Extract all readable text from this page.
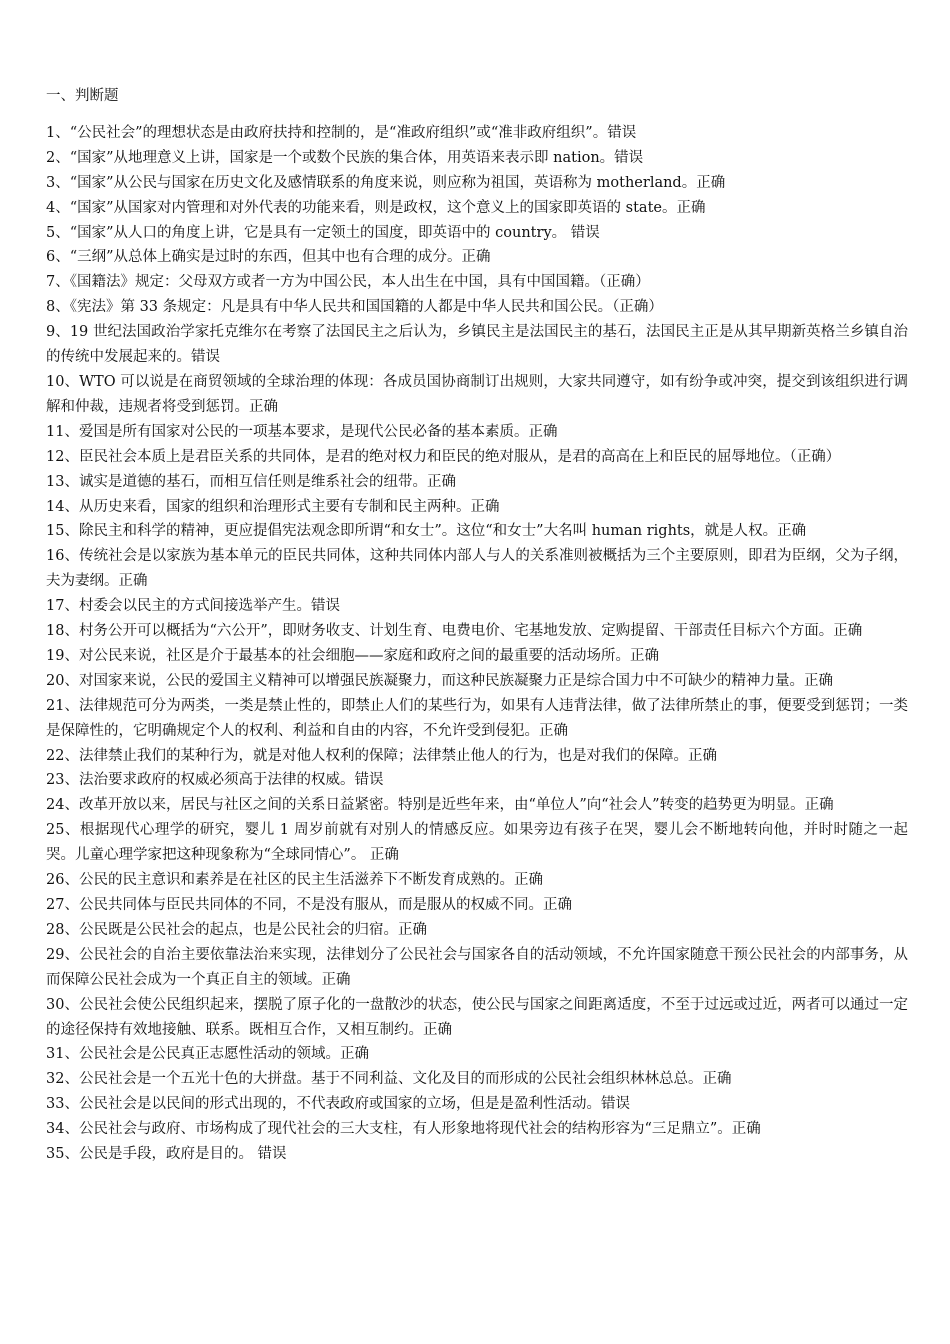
一、判断题
1、“公民社会”的理想状态是由政府扶持和控制的，是“准政府组织”或“准非政府组织”。错误
2、“国家”从地理意义上讲，国家是一个或数个民族的集合体，用英语来表示即 nation。错误
3、“国家”从公民与国家在历史文化及感情联系的角度来说，则应称为祖国，英语称为 motherland。正确
4、“国家”从国家对内管理和对外代表的功能来看，则是政权，这个意义上的国家即英语的 state。正确
5、“国家”从人口的角度上讲，它是具有一定领土的国度，即英语中的 country。 错误
6、“三纲”从总体上确实是过时的东西，但其中也有合理的成分。正确
7、《国籍法》规定：父母双方或者一方为中国公民，本人出生在中国，具有中国国籍。（正确）
8、《宪法》第 33 条规定：凡是具有中华人民共和国国籍的人都是中华人民共和国公民。（正确）
9、19 世纪法国政治学家托克维尔在考察了法国民主之后认为，乡镇民主是法国民主的基石，法国民主正是从其早期新英格兰乡镇自治的传统中发展起来的。错误
10、WTO 可以说是在商贸领域的全球治理的体现：各成员国协商制订出规则，大家共同遵守，如有纷争或冲突，提交到该组织进行调解和仲裁，违规者将受到惩罚。正确
11、爱国是所有国家对公民的一项基本要求，是现代公民必备的基本素质。正确
12、臣民社会本质上是君臣关系的共同体，是君的绝对权力和臣民的绝对服从，是君的高高在上和臣民的屈辱地位。（正确）
13、诚实是道德的基石，而相互信任则是维系社会的纽带。正确
14、从历史来看，国家的组织和治理形式主要有专制和民主两种。正确
15、除民主和科学的精神，更应提倡宪法观念即所谓“和女士”。这位“和女士”大名叫 human rights，就是人权。正确
16、传统社会是以家族为基本单元的臣民共同体，这种共同体内部人与人的关系准则被概括为三个主要原则，即君为臣纲，父为子纲，夫为妻纲。正确
17、村委会以民主的方式间接选举产生。错误
18、村务公开可以概括为“六公开”，即财务收支、计划生育、电费电价、宅基地发放、定购提留、干部责任目标六个方面。正确
19、对公民来说，社区是介于最基本的社会细胞——家庭和政府之间的最重要的活动场所。正确
20、对国家来说，公民的爱国主义精神可以增强民族凝聚力，而这种民族凝聚力正是综合国力中不可缺少的精神力量。正确
21、法律规范可分为两类，一类是禁止性的，即禁止人们的某些行为，如果有人违背法律，做了法律所禁止的事，便要受到惩罚；一类是保障性的，它明确规定个人的权利、利益和自由的内容，不允许受到侵犯。正确
22、法律禁止我们的某种行为，就是对他人权利的保障；法律禁止他人的行为，也是对我们的保障。正确
23、法治要求政府的权威必须高于法律的权威。错误
24、改革开放以来，居民与社区之间的关系日益紧密。特别是近些年来，由“单位人”向“社会人”转变的趋势更为明显。正确
25、根据现代心理学的研究，婴儿 1 周岁前就有对别人的情感反应。如果旁边有孩子在哭，婴儿会不断地转向他，并时时随之一起哭。儿童心理学家把这种现象称为“全球同情心”。 正确
26、公民的民主意识和素养是在社区的民主生活滋养下不断发育成熟的。正确
27、公民共同体与臣民共同体的不同，不是没有服从，而是服从的权威不同。正确
28、公民既是公民社会的起点，也是公民社会的归宿。正确
29、公民社会的自治主要依靠法治来实现，法律划分了公民社会与国家各自的活动领域，不允许国家随意干预公民社会的内部事务，从而保障公民社会成为一个真正自主的领域。正确
30、公民社会使公民组织起来，摆脱了原子化的一盘散沙的状态，使公民与国家之间距离适度，不至于过远或过近，两者可以通过一定的途径保持有效地接触、联系。既相互合作，又相互制约。正确
31、公民社会是公民真正志愿性活动的领域。正确
32、公民社会是一个五光十色的大拼盘。基于不同利益、文化及目的而形成的公民社会组织林林总总。正确
33、公民社会是以民间的形式出现的，不代表政府或国家的立场，但是是盈利性活动。错误
34、公民社会与政府、市场构成了现代社会的三大支柱，有人形象地将现代社会的结构形容为“三足鼎立”。正确
35、公民是手段，政府是目的。 错误
